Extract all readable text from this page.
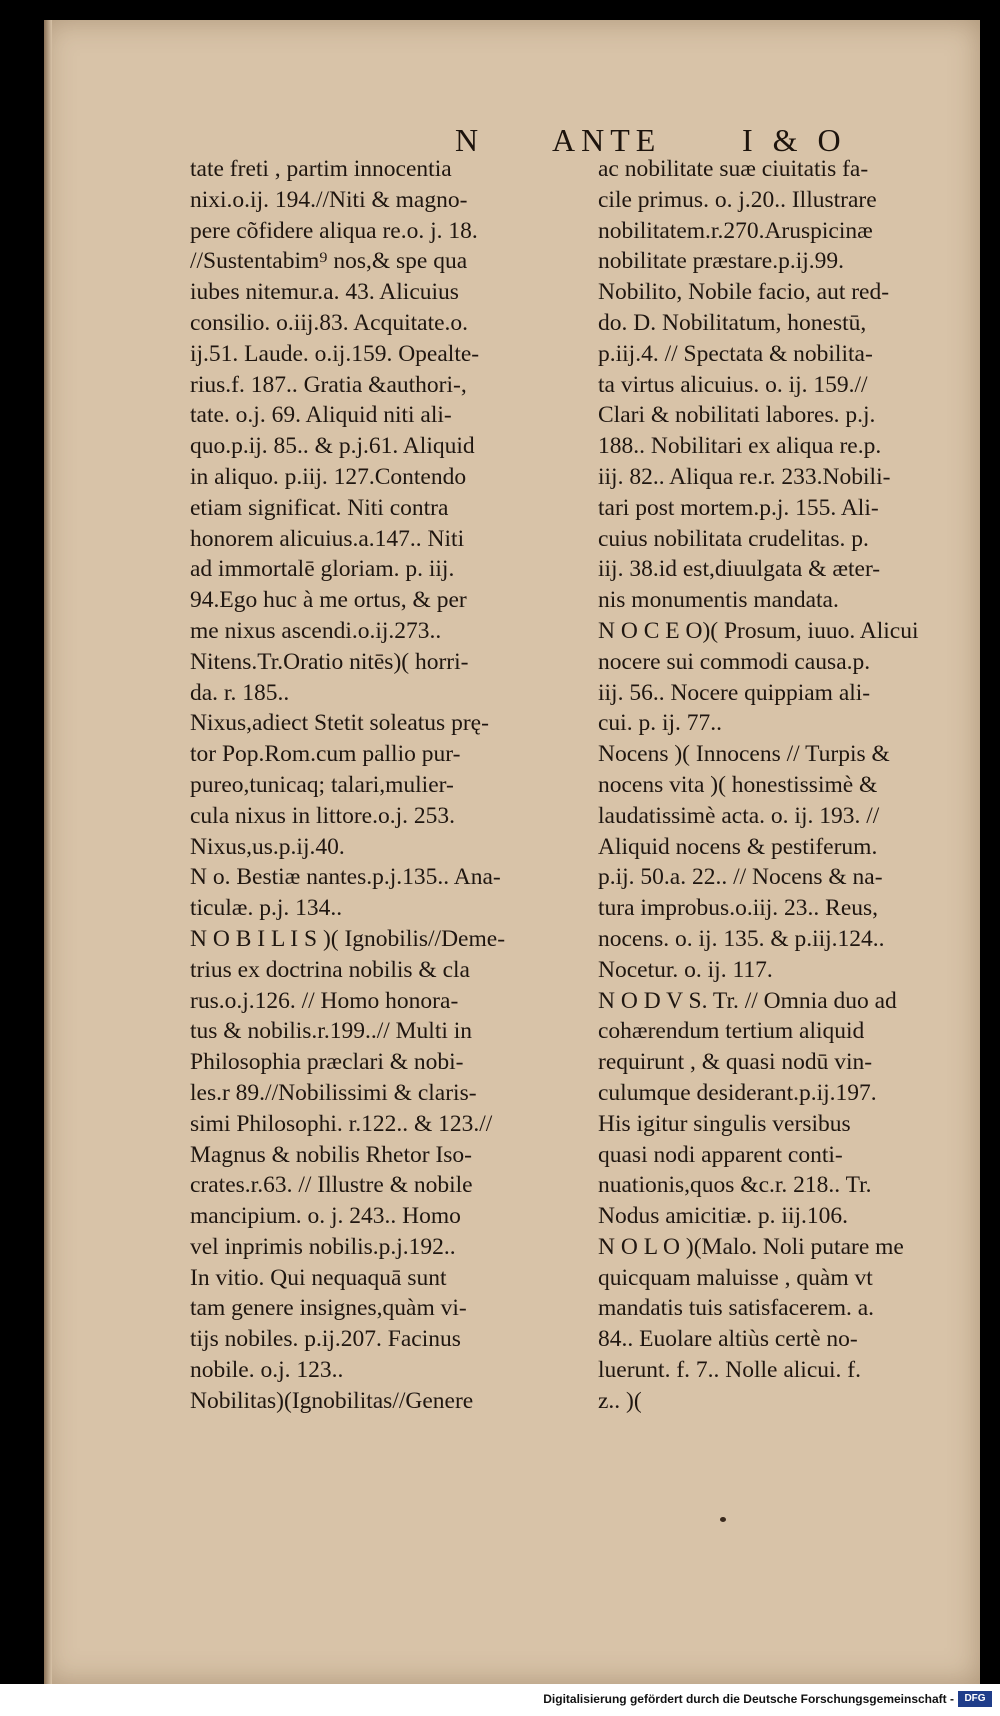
N ANTE	I & O
tate freti , partim innocentia
nixi.o.ij. 194.//Niti & magno-
pere cõfidere aliqua re.o. j. 18.
//Sustentabim⁹ nos,& spe qua
iubes nitemur.a. 43. Alicuius
consilio. o.iij.83. Acquitate.o.
ij.51. Laude. o.ij.159. Opealte-
rius.f. 187.. Gratia &authori-,
tate. o.j. 69. Aliquid niti ali-
quo.p.ij. 85.. & p.j.61. Aliquid
in aliquo. p.iij. 127.Contendo
etiam significat. Niti contra
honorem alicuius.a.147.. Niti
ad immortalē gloriam. p. iij.
94.Ego huc à me ortus, & per
me nixus ascendi.o.ij.273..
Nitens.Tr.Oratio nitēs)( horri-
da. r. 185..
Nixus,adiect Stetit soleatus prę-
tor Pop.Rom.cum pallio pur-
pureo,tunicaq; talari,mulier-
cula nixus in littore.o.j. 253.
Nixus,us.p.ij.40.
N o. Bestiæ nantes.p.j.135.. Ana-
ticulæ. p.j. 134..
N O B I L I S )( Ignobilis//Deme-
trius ex doctrina nobilis & cla
rus.o.j.126. // Homo honora-
tus & nobilis.r.199..// Multi in
Philosophia præclari & nobi-
les.r 89.//Nobilissimi & claris-
simi Philosophi. r.122.. & 123.//
Magnus & nobilis Rhetor Iso-
crates.r.63. // Illustre & nobile
mancipium. o. j. 243.. Homo
vel inprimis nobilis.p.j.192..
In vitio. Qui nequaquā sunt
tam genere insignes,quàm vi-
tijs nobiles. p.ij.207. Facinus
nobile. o.j. 123..
Nobilitas)(Ignobilitas//Genere
ac nobilitate suæ ciuitatis fa-
cile primus. o. j.20.. Illustrare
nobilitatem.r.270.Aruspicinæ
nobilitate præstare.p.ij.99.
Nobilito, Nobile facio, aut red-
do. D. Nobilitatum, honestū,
p.iij.4. // Spectata & nobilita-
ta virtus alicuius. o. ij. 159.//
Clari & nobilitati labores. p.j.
188.. Nobilitari ex aliqua re.p.
iij. 82.. Aliqua re.r. 233.Nobili-
tari post mortem.p.j. 155. Ali-
cuius nobilitata crudelitas. p.
iij. 38.id est,diuulgata & æter-
nis monumentis mandata.
N O C E O)( Prosum, iuuo. Alicui
nocere sui commodi causa.p.
iij. 56.. Nocere quippiam ali-
cui. p. ij. 77..
Nocens )( Innocens // Turpis &
nocens vita )( honestissimè &
laudatissimè acta. o. ij. 193. //
Aliquid nocens & pestiferum.
p.ij. 50.a. 22.. // Nocens & na-
tura improbus.o.iij. 23.. Reus,
nocens. o. ij. 135. & p.iij.124..
Nocetur. o. ij. 117.
N O D V S. Tr. // Omnia duo ad
cohærendum tertium aliquid
requirunt , & quasi nodū vin-
culumque desiderant.p.ij.197.
His igitur singulis versibus
quasi nodi apparent conti-
nuationis,quos &c.r. 218.. Tr.
Nodus amicitiæ. p. iij.106.
N O L O )(Malo. Noli putare me
quicquam maluisse , quàm vt
mandatis tuis satisfacerem. a.
84.. Euolare altiùs certè no-
luerunt. f. 7.. Nolle alicui. f.
z.. )(
Digitalisierung gefördert durch die Deutsche Forschungsgemeinschaft -	DFG
